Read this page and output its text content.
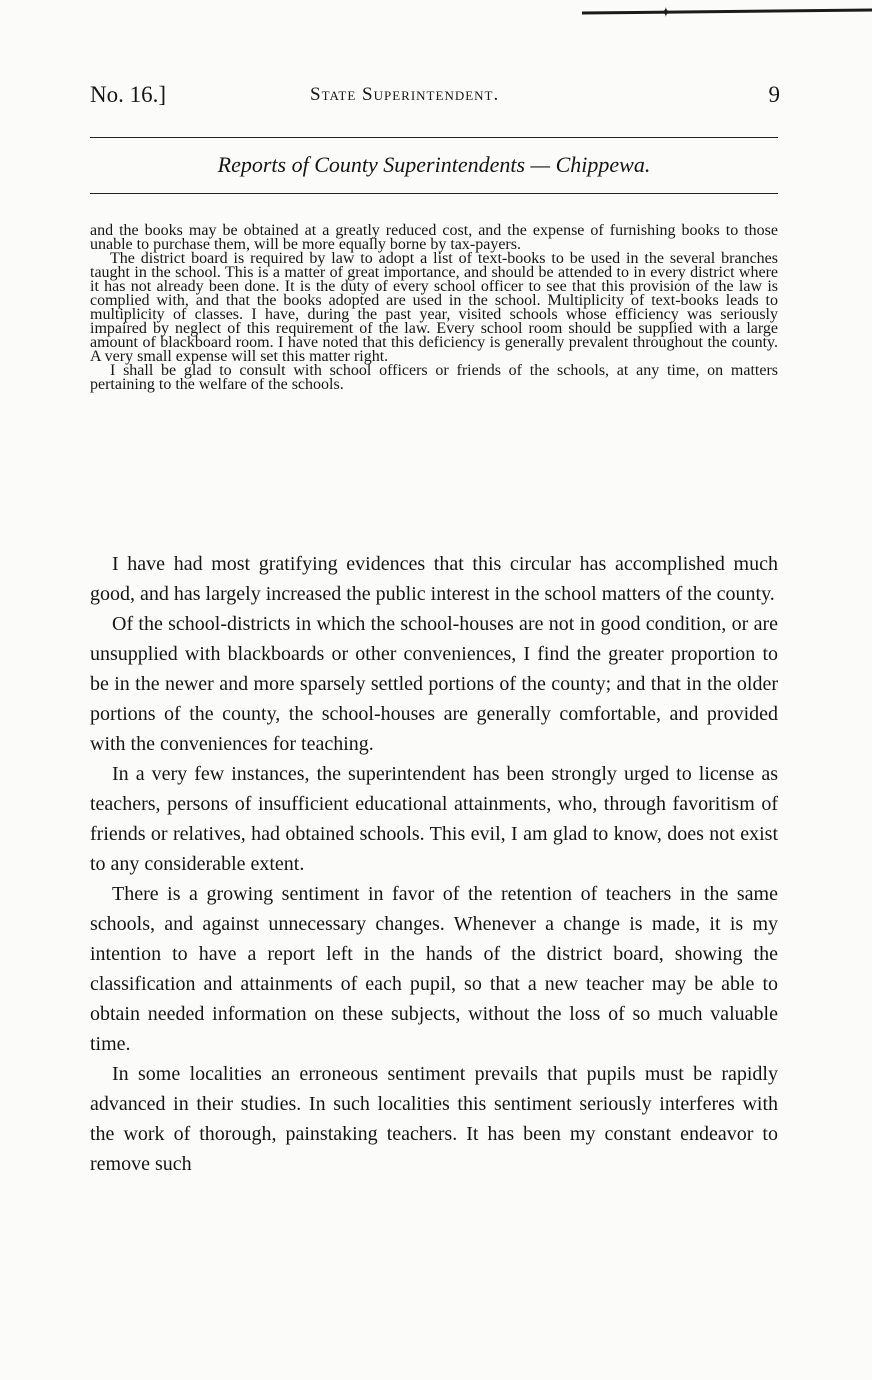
✦
No. 16.]	State Superintendent.	9
Reports of County Superintendents — Chippewa.

and the books may be obtained at a greatly reduced cost, and the expense of furnishing books to those unable to purchase them, will be more equally borne by tax-payers.

The district board is required by law to adopt a list of text-books to be used in the several branches taught in the school. This is a matter of great importance, and should be attended to in every district where it has not already been done. It is the duty of every school officer to see that this provision of the law is complied with, and that the books adopted are used in the school. Multiplicity of text-books leads to multiplicity of classes. I have, during the past year, visited schools whose efficiency was seriously impaired by neglect of this requirement of the law. Every school room should be supplied with a large amount of blackboard room. I have noted that this deficiency is generally prevalent throughout the county. A very small expense will set this matter right.

I shall be glad to consult with school officers or friends of the schools, at any time, on matters pertaining to the welfare of the schools.

I have had most gratifying evidences that this circular has accomplished much good, and has largely increased the public interest in the school matters of the county.

Of the school-districts in which the school-houses are not in good condition, or are unsupplied with blackboards or other conveniences, I find the greater proportion to be in the newer and more sparsely settled portions of the county; and that in the older portions of the county, the school-houses are generally comfortable, and provided with the conveniences for teaching.

In a very few instances, the superintendent has been strongly urged to license as teachers, persons of insufficient educational attainments, who, through favoritism of friends or relatives, had obtained schools. This evil, I am glad to know, does not exist to any considerable extent.

There is a growing sentiment in favor of the retention of teachers in the same schools, and against unnecessary changes. Whenever a change is made, it is my intention to have a report left in the hands of the district board, showing the classification and attainments of each pupil, so that a new teacher may be able to obtain needed information on these subjects, without the loss of so much valuable time.

In some localities an erroneous sentiment prevails that pupils must be rapidly advanced in their studies. In such localities this sentiment seriously interferes with the work of thorough, painstaking teachers. It has been my constant endeavor to remove such
